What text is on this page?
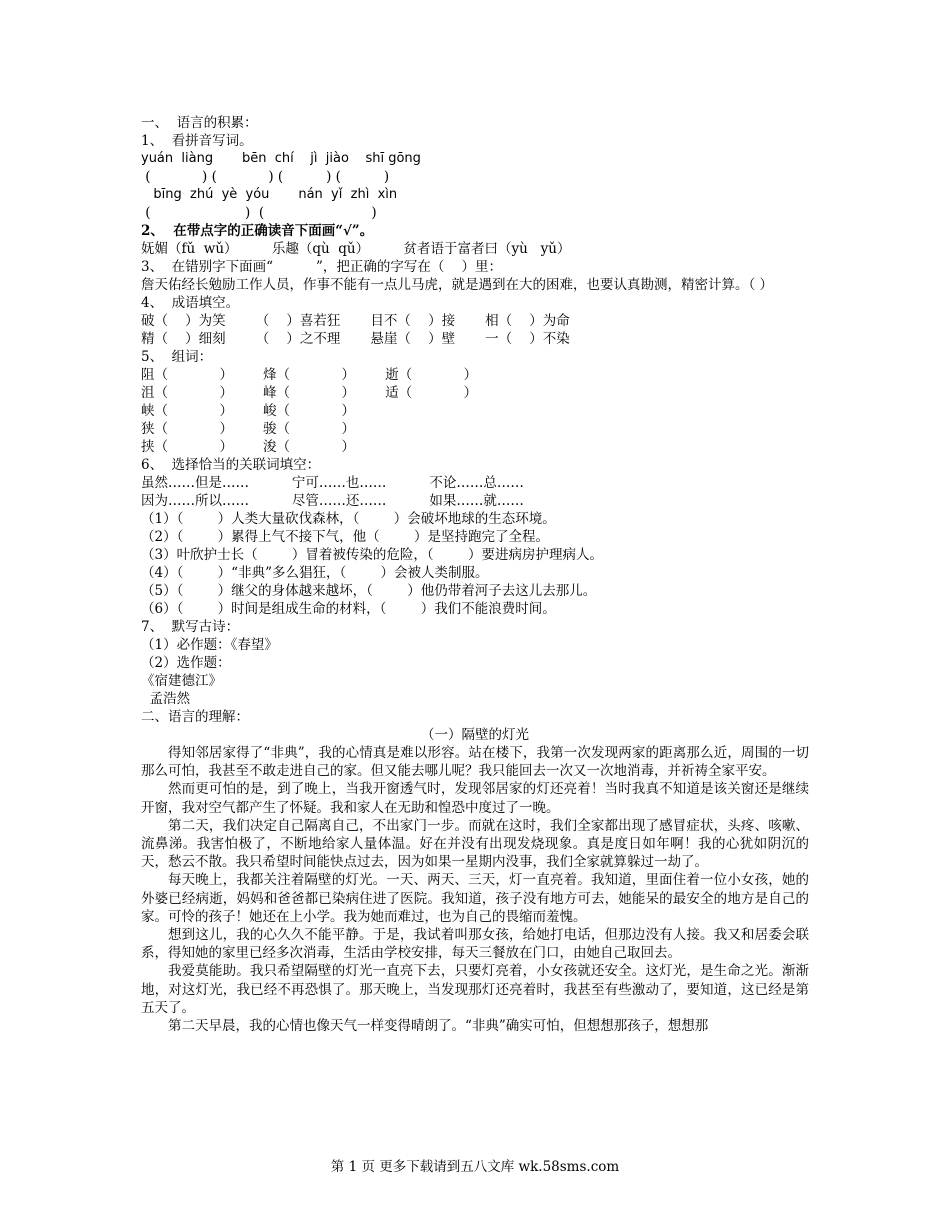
一、  语言的积累：
1、  看拼音写词。
yuán  liàng       bēn  chí    jì  jiào    shī gōng
(            ) (            ) (          ) (          )
bīng  zhú  yè  yóu       nán  yǐ  zhì  xìn
(                      )  (                         )
2、  在带点字的正确读音下面画“√”。
妩媚（fǔ  wǔ）        乐趣（qù  qǔ）        贫者语于富者曰（yù   yǔ）
3、  在错别字下面画“          ”，把正确的字写在（    ）里：
詹天佑经长勉励工作人员，作事不能有一点儿马虎，就是遇到在大的困难，也要认真勘测，精密计算。（ ）
4、  成语填空。
破（    ）为笑       （    ）喜若狂       目不（    ）接       相（    ）为命
精（    ）细刻       （    ）之不理       悬崖（    ）壁       一（    ）不染
5、  组词：
阻（            ）       烽（            ）       逝（            ）
沮（            ）       峰（            ）       适（            ）
峡（            ）       峻（            ）
狭（            ）       骏（            ）
挟（            ）       浚（            ）
6、  选择恰当的关联词填空：
虽然……但是……          宁可……也……          不论……总……
因为……所以……          尽管……还……          如果……就……
（1）（        ）人类大量砍伐森林，（        ）会破坏地球的生态环境。
（2）（        ）累得上气不接下气，他（        ）是坚持跑完了全程。
（3）叶欣护士长（        ）冒着被传染的危险，（        ）要进病房护理病人。
（4）（        ）“非典”多么猖狂，（        ）会被人类制服。
（5）（        ）继父的身体越来越坏，（        ）他仍带着河子去这儿去那儿。
（6）（        ）时间是组成生命的材料，（        ）我们不能浪费时间。
7、  默写古诗：
（1）必作题：《春望》
（2）选作题：
《宿建德江》
孟浩然
二、语言的理解：
（一）隔壁的灯光
得知邻居家得了“非典”，我的心情真是难以形容。站在楼下，我第一次发现两家的距离那么近，周围的一切那么可怕，我甚至不敢走进自己的家。但又能去哪儿呢？我只能回去一次又一次地消毒，并祈祷全家平安。
然而更可怕的是，到了晚上，当我开窗透气时，发现邻居家的灯还亮着！当时我真不知道是该关窗还是继续开窗，我对空气都产生了怀疑。我和家人在无助和惶恐中度过了一晚。
第二天，我们决定自己隔离自己，不出家门一步。而就在这时，我们全家都出现了感冒症状，头疼、咳嗽、流鼻涕。我害怕极了，不断地给家人量体温。好在并没有出现发烧现象。真是度日如年啊！我的心犹如阴沉的天，愁云不散。我只希望时间能快点过去，因为如果一星期内没事，我们全家就算躲过一劫了。
每天晚上，我都关注着隔壁的灯光。一天、两天、三天，灯一直亮着。我知道，里面住着一位小女孩，她的外婆已经病逝，妈妈和爸爸都已染病住进了医院。我知道，孩子没有地方可去，她能呆的最安全的地方是自己的家。可怜的孩子！她还在上小学。我为她而难过，也为自己的畏缩而羞愧。
想到这儿，我的心久久不能平静。于是，我试着叫那女孩，给她打电话，但那边没有人接。我又和居委会联系，得知她的家里已经多次消毒，生活由学校安排，每天三餐放在门口，由她自己取回去。
我爱莫能助。我只希望隔壁的灯光一直亮下去，只要灯亮着，小女孩就还安全。这灯光，是生命之光。渐渐地，对这灯光，我已经不再恐惧了。那天晚上，当发现那灯还亮着时，我甚至有些激动了，要知道，这已经是第五天了。
第二天早晨，我的心情也像天气一样变得晴朗了。“非典”确实可怕，但想想那孩子，想想那
第 1 页 更多下载请到五八文库 wk.58sms.com
